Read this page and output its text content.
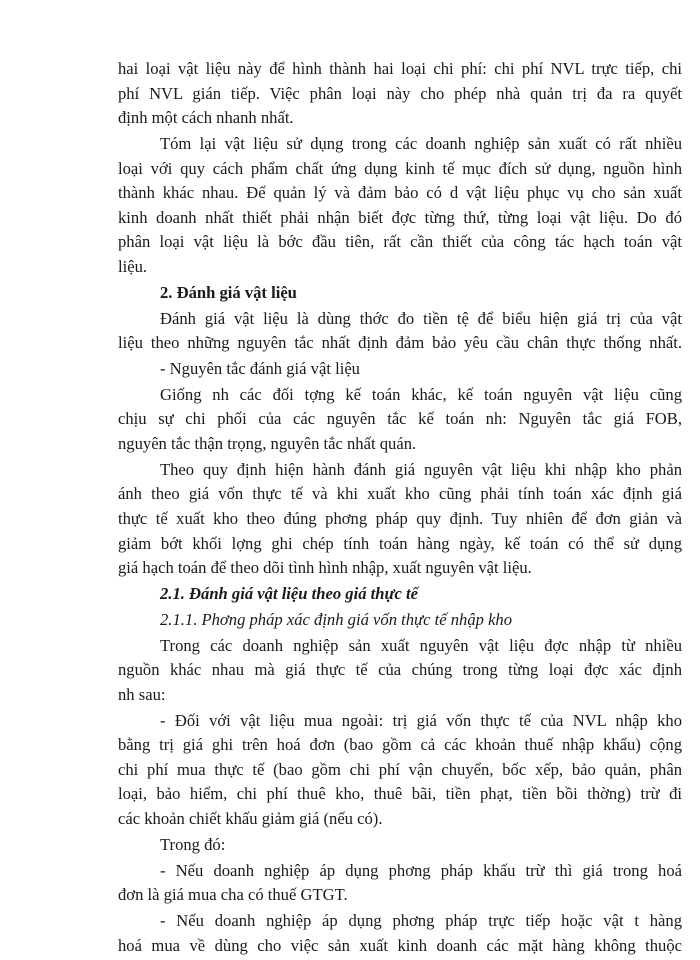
hai loại vật liệu này để hình thành hai loại chi phí: chi phí NVL trực tiếp, chi
phí NVL gián tiếp. Việc phân loại này cho phép nhà quản trị đa ra quyết
định một cách nhanh nhất.
Tóm lại vật liệu sử dụng trong các doanh nghiệp sản xuất có rất nhiều
loại với quy cách phẩm chất ứng dụng kinh tế mục đích sử dụng, nguồn hình
thành khác nhau. Để quản lý và đảm bảo có d vật liệu phục vụ cho sản xuất
kinh doanh nhất thiết phải nhận biết đợc từng thứ, từng loại vật liệu. Do đó
phân loại vật liệu là bớc đầu tiên, rất cần thiết của công tác hạch toán vật
liệu.
2. Đánh giá vật liệu
Đánh giá vật liệu là dùng thớc đo tiền tệ để biểu hiện giá trị của vật
liệu theo những nguyên tắc nhất định đảm bảo yêu cầu chân thực thống nhất.
- Nguyên tắc đánh giá vật liệu
Giống nh các đối tợng kế toán khác, kế toán nguyên vật liệu cũng
chịu sự chi phối của các nguyên tắc kế toán nh: Nguyên tắc giá FOB,
nguyên tắc thận trọng, nguyên tắc nhất quán.
Theo quy định hiện hành đánh giá nguyên vật liệu khi nhập kho phản
ánh theo giá vốn thực tế và khi xuất kho cũng phải tính toán xác định giá
thực tế xuất kho theo đúng phơng pháp quy định. Tuy nhiên để đơn giản và
giảm bớt khối lợng ghi chép tính toán hàng ngày, kế toán có thể sử dụng
giá hạch toán để theo dõi tình hình nhập, xuất nguyên vật liệu.
2.1. Đánh giá vật liệu theo giá thực tế
2.1.1. Phơng pháp xác định giá vốn thực tế nhập kho
Trong các doanh nghiệp sản xuất nguyên vật liệu đợc nhập từ nhiều
nguồn khác nhau mà giá thực tế của chúng trong từng loại đợc xác định
nh sau:
- Đối với vật liệu mua ngoài: trị giá vốn thực tế của NVL nhập kho
bằng trị giá ghi trên hoá đơn (bao gồm cả các khoản thuế nhập khẩu) cộng
chi phí mua thực tế (bao gồm chi phí vận chuyển, bốc xếp, bảo quản, phân
loại, bảo hiểm, chi phí thuê kho, thuê bãi, tiền phạt, tiền bồi thờng) trừ đi
các khoản chiết khấu giảm giá (nếu có).
Trong đó:
- Nếu doanh nghiệp áp dụng phơng pháp khấu trừ thì giá trong hoá
đơn là giá mua cha có thuế GTGT.
- Nếu doanh nghiệp áp dụng phơng pháp trực tiếp hoặc vật t hàng
hoá mua về dùng cho việc sản xuất kinh doanh các mặt hàng không thuộc
